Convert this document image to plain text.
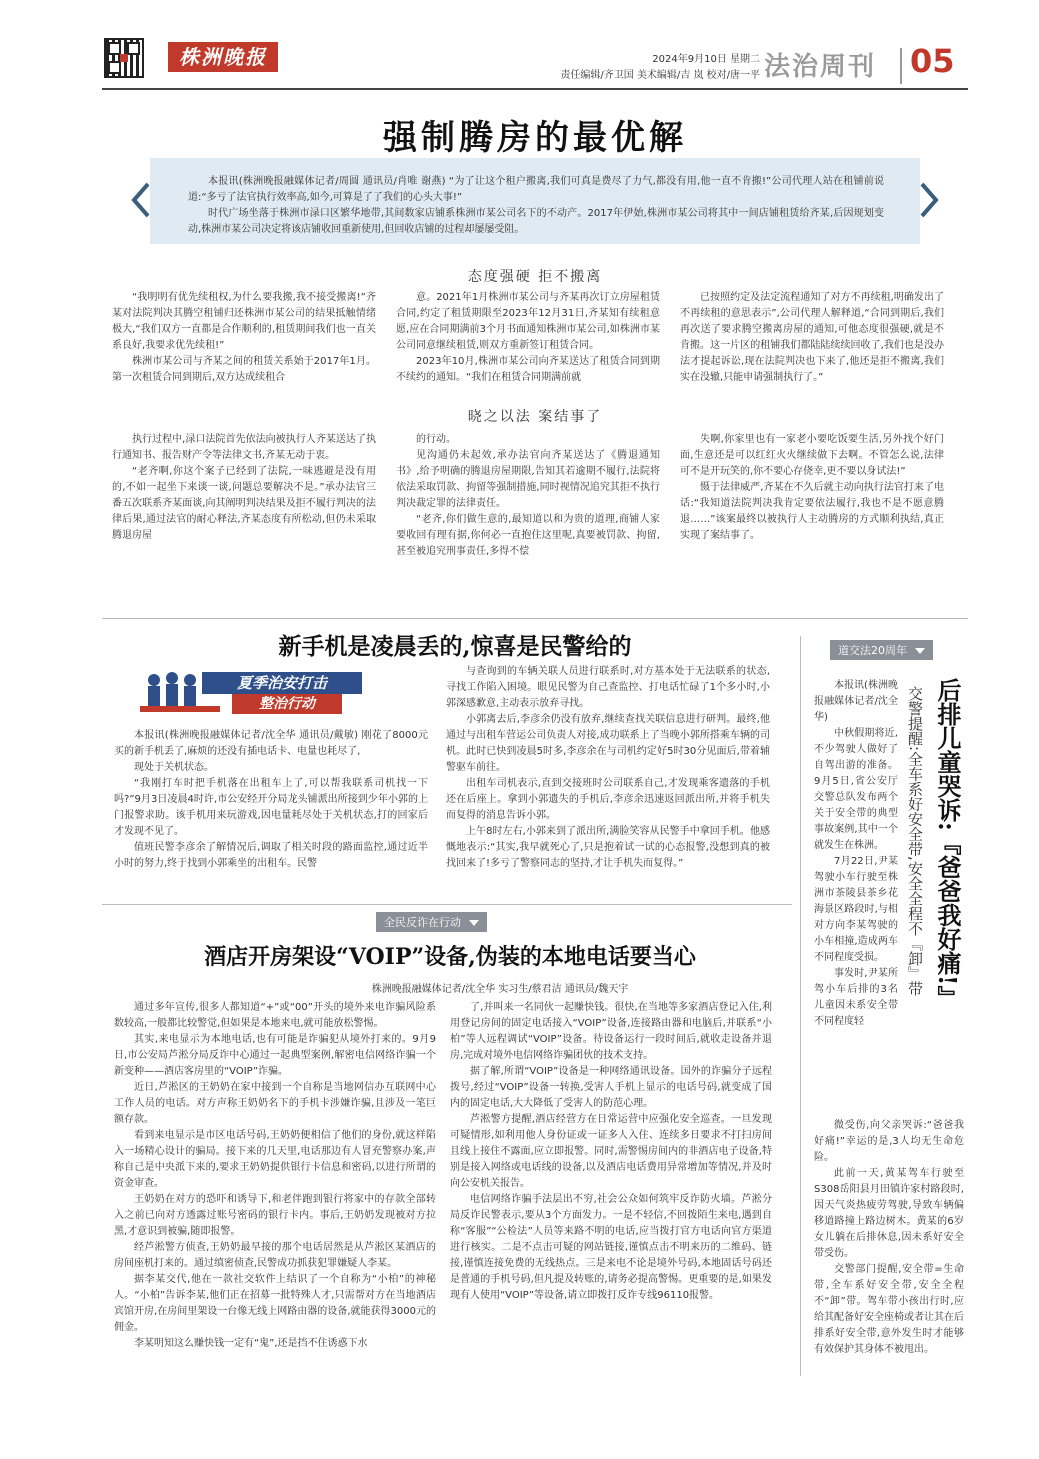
株洲晚报	2024年9月10日 星期二
责任编辑/齐卫国 美术编辑/吉 岚 校对/唐一平 法治周刊	05
强制腾房的最优解

本报讯(株洲晚报融媒体记者/周圆 通讯员/肖唯 谢燕) “为了让这个租户搬离,我们可真是费尽了力气,都没有用,他一直不肯搬!”公司代理人站在租铺前说道:“多亏了法官执行效率高,如今,可算是了了我们的心头大事!”

时代广场坐落于株洲市渌口区繁华地带,其间数家店铺系株洲市某公司名下的不动产。2017年伊始,株洲市某公司将其中一间店铺租赁给齐某,后因规划变动,株洲市某公司决定将该店铺收回重新使用,但回收店铺的过程却屡屡受阻。

态度强硬 拒不搬离

“我明明有优先续租权,为什么要我搬,我不接受搬离!”齐某对法院判决其腾空租铺归还株洲市某公司的结果抵触情绪极大,“我们双方一直都是合作顺利的,租赁期间我们也一直关系良好,我要求优先续租!”

株洲市某公司与齐某之间的租赁关系始于2017年1月。第一次租赁合同到期后,双方达成续租合

意。2021年1月株洲市某公司与齐某再次订立房屋租赁合同,约定了租赁期限至2023年12月31日,齐某知有续租意愿,应在合同期满前3个月书面通知株洲市某公司,如株洲市某公司同意继续租赁,则双方重新签订租赁合同。

2023年10月,株洲市某公司向齐某送达了租赁合同到期不续约的通知。“我们在租赁合同期满前就

已按照约定及法定流程通知了对方不再续租,明确发出了不再续租的意思表示”,公司代理人解释道,“合同到期后,我们再次送了要求腾空搬离房屋的通知,可他态度很强硬,就是不肯搬。这一片区的租铺我们都陆陆续续回收了,我们也是没办法才提起诉讼,现在法院判决也下来了,他还是拒不搬离,我们实在没辙,只能申请强制执行了。”

晓之以法 案结事了

执行过程中,渌口法院首先依法向被执行人齐某送达了执行通知书、报告财产令等法律文书,齐某无动于衷。

“老齐啊,你这个案子已经到了法院,一味逃避是没有用的,不如一起坐下来谈一谈,问题总要解决不是。”承办法官三番五次联系齐某面谈,向其阐明判决结果及拒不履行判决的法律后果,通过法官的耐心释法,齐某态度有所松动,但仍未采取腾退房屋

的行动。

见沟通仍未起效,承办法官向齐某送达了《腾退通知书》,给予明确的腾退房屋期限,告知其若逾期不履行,法院将依法采取罚款、拘留等强制措施,同时视情况追究其拒不执行判决裁定罪的法律责任。

“老齐,你们做生意的,最知道以和为贵的道理,商铺人家要收回有理有据,你何必一直抱住这里呢,真要被罚款、拘留,甚至被追究刑事责任,多得不偿

失啊,你家里也有一家老小要吃饭要生活,另外找个好门面,生意还是可以红红火火继续做下去啊。不管怎么说,法律可不是开玩笑的,你不要心存侥幸,更不要以身试法!”

慑于法律威严,齐某在不久后就主动向执行法官打来了电话:“我知道法院判决我肯定要依法履行,我也不是不愿意腾退……”该案最终以被执行人主动腾房的方式顺利执结,真正实现了案结事了。

新手机是凌晨丢的,惊喜是民警给的
夏季治安打击
整治行动

本报讯(株洲晚报融媒体记者/沈全华 通讯员/戴敏) 刚花了8000元买的新手机丢了,麻烦的还没有插电话卡、电量也耗尽了,

现处于关机状态。

“我刚打车时把手机落在出租车上了,可以帮我联系司机找一下吗?”9月3日凌晨4时许,市公安经开分局龙头铺派出所接到少年小郭的上门报警求助。该手机用来玩游戏,因电量耗尽处于关机状态,打的回家后才发现不见了。

值班民警李彦余了解情况后,调取了相关时段的路面监控,通过近半小时的努力,终于找到小郭乘坐的出租车。民警

与查询到的车辆关联人员进行联系时,对方基本处于无法联系的状态,寻找工作陷入困境。眼见民警为自己查监控、打电话忙碌了1个多小时,小郭深感歉意,主动表示放弃寻找。

小郭离去后,李彦余仍没有放弃,继续查找关联信息进行研判。最终,他通过与出租车营运公司负责人对接,成功联系上了当晚小郭所搭乘车辆的司机。此时已快到凌晨5时多,李彦余在与司机约定好5时30分见面后,带着辅警驱车前往。

出租车司机表示,直到交接班时公司联系自己,才发现乘客遗落的手机还在后座上。拿到小郭遗失的手机后,李彦余迅速返回派出所,并将手机失而复得的消息告诉小郭。

上午8时左右,小郭来到了派出所,满脸笑容从民警手中拿回手机。他感慨地表示:“其实,我早就死心了,只是抱着试一试的心态报警,没想到真的被找回来了!多亏了警察同志的坚持,才让手机失而复得。”

全民反诈在行动
酒店开房架设“VOIP”设备,伪装的本地电话要当心
株洲晚报融媒体记者/沈全华 实习生/蔡君洁 通讯员/魏天宇

通过多年宣传,很多人都知道“+”或“00”开头的境外来电诈骗风险系数较高,一般都比较警觉,但如果是本地来电,就可能放松警惕。

其实,来电显示为本地电话,也有可能是诈骗犯从境外打来的。9月9日,市公安局芦淞分局反诈中心通过一起典型案例,解密电信网络诈骗一个新变种——酒店客房里的“VOIP”诈骗。

近日,芦淞区的王奶奶在家中接到一个自称是当地网信办互联网中心工作人员的电话。对方声称王奶奶名下的手机卡涉嫌诈骗,且涉及一笔巨额存款。

看到来电显示是市区电话号码,王奶奶便相信了他们的身份,就这样陷入一场精心设计的骗局。接下来的几天里,电话那边有人冒充警察办案,声称自己是中央派下来的,要求王奶奶提供银行卡信息和密码,以进行所谓的资金审查。

王奶奶在对方的恐吓和诱导下,和老伴跑到银行将家中的存款全部转入之前已向对方透露过账号密码的银行卡内。事后,王奶奶发现被对方拉黑,才意识到被骗,随即报警。

经芦淞警方侦查,王奶奶最早接的那个电话居然是从芦淞区某酒店的房间座机打来的。通过缜密侦查,民警成功抓获犯罪嫌疑人李某。

据李某交代,他在一款社交软件上结识了一个自称为“小柏”的神秘人。“小柏”告诉李某,他们正在招募一批特殊人才,只需帮对方在当地酒店宾馆开房,在房间里架设一台像无线上网路由器的设备,就能获得3000元的佣金。

李某明知这么赚快钱一定有“鬼”,还是挡不住诱惑下水

了,并叫来一名同伙一起赚快钱。很快,在当地等多家酒店登记入住,利用登记房间的固定电话接入“VOIP”设备,连接路由器和电脑后,并联系“小柏”等人远程调试“VOIP”设备。待设备运行一段时间后,就收走设备并退房,完成对境外电信网络诈骗团伙的技术支持。

据了解,所谓“VOIP”设备是一种网络通讯设备。国外的诈骗分子远程拨号,经过“VOIP”设备一转换,受害人手机上显示的电话号码,就变成了国内的固定电话,大大降低了受害人的防范心理。

芦淞警方提醒,酒店经营方在日常运营中应强化安全巡查。一旦发现可疑情形,如利用他人身份证或一证多人入住、连续多日要求不打扫房间且线上接住不露面,应立即报警。同时,需警惕房间内的非酒店电子设备,特别是接入网络或电话线的设备,以及酒店电话费用异常增加等情况,并及时向公安机关报告。

电信网络诈骗手法层出不穷,社会公众如何筑牢反诈防火墙。芦淞分局反诈民警表示,要从3个方面发力。一是不轻信,不回拨陌生来电,遇到自称“客服”“公检法”人员等来路不明的电话,应当拨打官方电话向官方渠道进行核实。二是不点击可疑的网站链接,谨慎点击不明来历的二维码、链接,谨慎连接免费的无线热点。三是来电不论是境外号码,本地固话号码还是普通的手机号码,但凡提及转账的,请务必提高警惕。更重要的是,如果发现有人使用“VOIP”等设备,请立即拨打反诈专线96110报警。

道交法20周年
后排儿童哭诉:『爸爸我好痛!』
交警提醒:全车系好安全带,安全全程不『卸』带

本报讯(株洲晚报融媒体记者/沈全华)

中秋假期将近,不少驾驶人做好了自驾出游的准备。9月5日,省公安厅交警总队发布两个关于安全带的典型事故案例,其中一个就发生在株洲。

7月22日,尹某驾驶小车行驶至株洲市茶陵县茶乡花海景区路段时,与相对方向李某驾驶的小车相撞,造成两车不同程度受损。

事发时,尹某所驾小车后排的3名儿童因未系安全带不同程度轻

微受伤,向父亲哭诉:“爸爸我好痛!”幸运的是,3人均无生命危险。

此前一天,黄某驾车行驶至S308岳阳县月田镇许家村路段时,因天气炎热疲劳驾驶,导致车辆偏移道路撞上路边树木。黄某的6岁女儿躺在后排休息,因未系好安全带受伤。

交警部门提醒,安全带=生命带,全车系好安全带,安全全程不“卸”带。驾车带小孩出行时,应给其配备好安全座椅或者让其在后排系好安全带,意外发生时才能够有效保护其身体不被甩出。
